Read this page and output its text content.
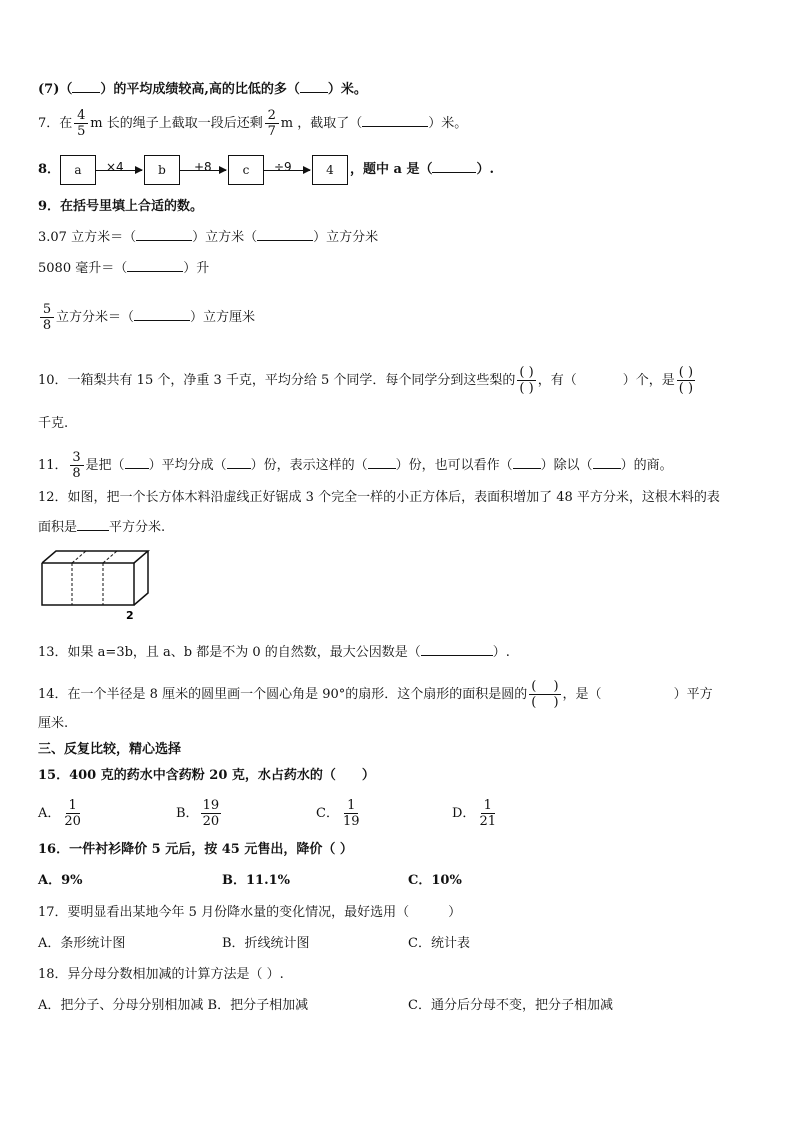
(7)（ ）的平均成绩较高,高的比低的多（ ）米。
7．在 $\frac{4}{5}$ m 长的绳子上截取一段后还剩 $\frac{2}{7}$ m ，截取了（	）米。
8．	a	×4	b	+8	c	÷9	4	，题中 a 是（	）.
9．在括号里填上合适的数。
3.07 立方米＝（	）立方米（	）立方分米
5080 毫升＝（	）升
$\frac{5}{8}$ 立方分米＝（	）立方厘米
10．一箱梨共有 15 个，净重 3 千克，平均分给 5 个同学．每个同学分到这些梨的 $\frac{( )}{( )}$ ，有（	）个，是 $\frac{( )}{( )}$
千克.
11． $\frac{3}{8}$ 是把（ ）平均分成（ ）份，表示这样的（ ）份，也可以看作（ ）除以（ ）的商。
12．如图，把一个长方体木料沿虚线正好锯成 3 个完全一样的小正方体后，表面积增加了 48 平方分米，这根木料的表
面积是 平方分米.
2
13．如果 a=3b，且 a、b 都是不为 0 的自然数，最大公因数是（	）.
14．在一个半径是 8 厘米的圆里画一个圆心角是 90°的扇形．这个扇形的面积是圆的 $\frac{( )}{( )}$ ，是（	）平方
厘米.
三、反复比较，精心选择
15．400 克的药水中含药粉 20 克，水占药水的（　　）
A． $\frac{1}{20}$	B． $\frac{19}{20}$	C． $\frac{1}{19}$	D． $\frac{1}{21}$
16．一件衬衫降价 5 元后，按 45 元售出，降价（ ）
A．9%	B．11.1%	C．10%
17．要明显看出某地今年 5 月份降水量的变化情况，最好选用（　　　）
A．条形统计图	B．折线统计图	C．统计表
18．异分母分数相加减的计算方法是（ ）.
A．把分子、分母分别相加减 B．把分子相加减	C．通分后分母不变，把分子相加减
